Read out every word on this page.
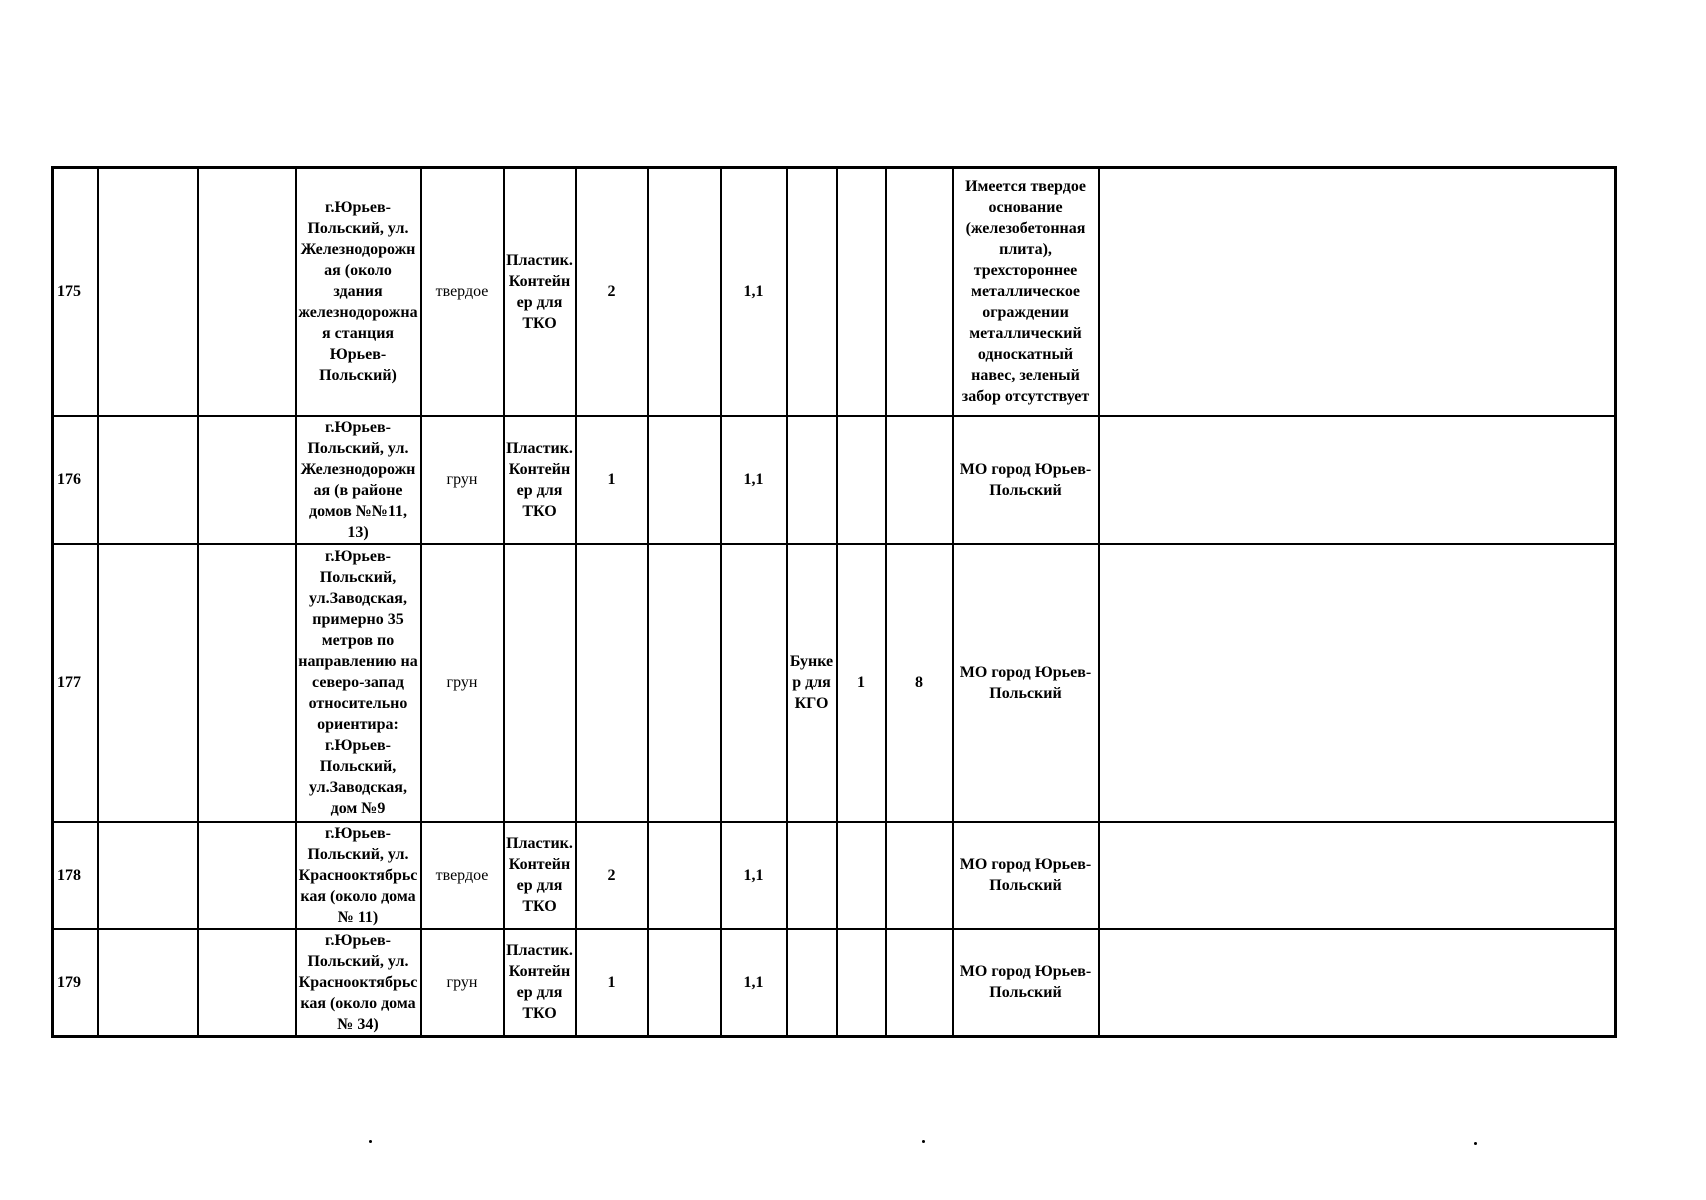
175			г.Юрьев-Польский, ул. Железнодорожная (около здания железнодорожная станция Юрьев-Польский)	твердое	Пластик. Контейнер для ТКО	2		1,1				Имеется твердое основание (железобетонная плита), трехстороннее металлическое ограждении металлический односкатный навес, зеленый забор отсутствует	
176			г.Юрьев-Польский, ул. Железнодорожная (в районе домов №№11, 13)	грун	Пластик. Контейнер для ТКО	1		1,1				МО город Юрьев-Польский	
177			г.Юрьев-Польский, ул.Заводская, примерно 35 метров по направлению на северо-запад относительно ориентира: г.Юрьев-Польский, ул.Заводская, дом №9	грун					Бункер для КГО	1	8	МО город Юрьев-Польский	
178			г.Юрьев-Польский, ул. Краснооктябрьская (около дома № 11)	твердое	Пластик. Контейнер для ТКО	2		1,1				МО город Юрьев-Польский	
179			г.Юрьев-Польский, ул. Краснооктябрьская (около дома № 34)	грун	Пластик. Контейнер для ТКО	1		1,1				МО город Юрьев-Польский	
